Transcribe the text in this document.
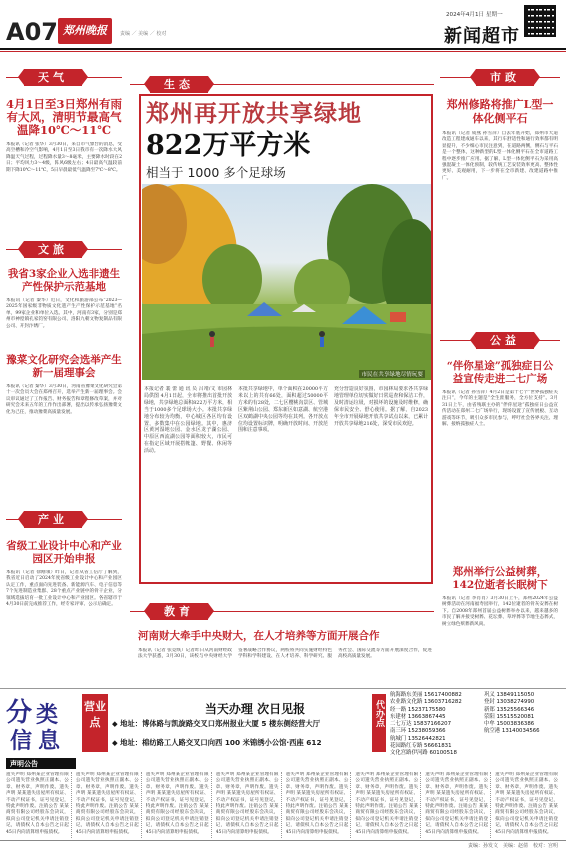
A07 郑州晚报	责编 ／ 美编 ／ 校对
2024年4月1日 星期一
新闻超市
天气
4月1日至3日郑州有雨有大风，清明节最高气温降10℃～11℃
本报讯（记者 张华）3月30日，来自市气象台的消息，受高空槽和冷空气影响，4月1日至3日我市有一次降水大风降温天气过程，过程降水量3～8毫米，主要降水时段在2日；平均风力3～4级，阵风6级左右；4日最高气温较前期下降10℃～11℃，5日早晨最低气温降至7℃～8℃。
文旅
我省3家企业入选非遗生产性保护示范基地
本报讯（记者 秦华）近日，文化和旅游部公布“2023—2025年国家级非物质文化遗产生产性保护示范基地”名单，99家企业和单位入选。其中，河南有3家，分别是郑州市神垕镇孔家钧窑有限公司、洛阳九朝文物复制品有限公司、开封汴绣厂。
豫菜文化研究会选举产生新一届理事会
本报讯（记者 秦华）3月30日，河南省豫菜文化研究会第十一次会员大会在郑州召开，选举产生新一届理事会。会议审议通过了工作报告、财务报告和章程修改草案，并对研究会未来五年的工作作出部署，提出以传承弘扬豫菜文化为己任，推动豫菜高质量发展。
产业
省级工业设计中心和产业园区开始申报
本报讯（记者 徐刚领）昨日，记者从省工信厅了解到，我省近日启动了2024年度省级工业设计中心和产业园区认定工作，重点面向先进装备、新能源汽车、电子信息等7个先进制造业集群、28个重点产业链中的骨干企业，分领域选拔培育一批工业设计中心和产业园区。各省辖市于4月30日前完成推荐工作，经专家评审、公示后确定。
生态
郑州再开放共享绿地
822万平方米
相当于 1000 多个足球场
市民在共享绿地尽情玩耍
本报记者 裴 蕾 通 讯 员 吕靖/文 市园林局供图 4月1日起，全市将推出首批开放绿地，共享绿地总面积822万平方米，相当于1000多个足球场大小。本批共享绿地分布较为均衡，中心城区各区均有设置，多数集中在公园绿地。其中，惠济区黄河湿地公园、金水区龙子湖公园、中原区西流湖公园等面积较大，市民可在指定区域开展搭帐篷、野餐、休闲等活动。
本批共享绿地中，单个面积在20000平方米以上的共有66处，面积超过50000平方米的有28处，二七区樱桃沟景区、管城区紫荆山公园、郑东新区如意湖、航空港区双鹤湖中央公园等均在其列。各开放点位均设置标识牌，明确开放时间、开放范围和注意事项。
充分营造良好氛围，市园林局要求各共享绿地管理单位切实做好日常巡查和保洁工作，及时清运垃圾，对损坏的设施及时维修，确保市民安全、舒心使用。据了解，自2023年全市开展绿地开放共享试点以来，已累计开放共享绿地216处，深受市民欢迎。
教育
河南财大牵手中央财大，在人才培养等方面开展合作
本报讯（记者 张竞昳）记者昨日从河南财经政法大学获悉，3月30日，该校与中央财经大学签署战略合作协议，两校将共同实施财经特色学科和学科建设、在人才培养、科学研究、服务社会、国际交流等方面开展深度合作，促进高校高质量发展。
市政
郑州修路将推广L型一体化侧平石
本报讯（记者 成燕 孙雪萍）自去年底开始，郑州市大道改造工程建成通车以来，其行车舒适性和通行效率都有明显提升，不少细心市民注意到，在道路两侧，侧石与平石是一个整体，这种新型的L型一体化侧平石在全市道路工程中逐步推广应用。据了解，L型一体化侧平石为采用高强混凝土一体化预制，较传统工艺安装效率更高、整体性更好、美观耐用，下一步将在全市新建、改建道路中推广。
公益
“伴你星途”孤独症日公益宣传走进二七广场
本报讯（记者 孙雪萍）4月2日是第十七个“世界孤独症关注日”，今年的主题是“全生涯服务，全方位支持”。3月31日上午，由省残联主办的“伴你星途”孤独症日公益宣传活动在郑州二七广场举行，现场设置了宣传展板、互动游戏等环节，吸引众多市民参与，呼吁社会各界关注、理解、接纳孤独症人士。
郑州举行公益树葬，142位逝者长眠树下
本报讯（记者 李肖肖）3月30日上午，郑州2024年公益树葬活动在河南福寿园举行，142位逝者的骨灰安葬在树下。自2008年郑州首届公益树葬举办以来，越来越多的市民了解并接受树葬、花坛葬、草坪葬等节地生态葬式，树立绿色殡葬新风尚。
分 类
信 息
营业
点
当天办理 次日见报
◆ 地址：博体路与凯旋路交叉口郑州报业大厦 5 楼东侧经营大厅
◆ 地址：棉纺路工人路交叉口向西 100 米锦绣小公馆·西座 612
代办点
航海路东美丽 15617400882
农业路文化路 13603716282
经一路 15237175580
东建材 13663867445
二七万达 15837166207
南三环 15238059366
航城门 13526442821
花园路红专路 56661831
文化宫路伊河路 60100518
巩义 13849115050
登封 13038274990
新郑 13525566346
荥阳 15515520081
中牟 15003836386
航空港 13140034566
声明公告
遗失声明 郑州某企业管理有限公司遗失营业执照正副本、公章、财务章，声明作废。遗失声明 某某遗失房屋所有权证、不动产权证书，证号见登记，特此声明作废。注销公告 某某商贸有限公司经股东会决议，拟向公司登记机关申请注销登记，请债权人自本公告之日起45日内向清算组申报债权。
遗失声明 郑州某企业管理有限公司遗失营业执照正副本、公章、财务章，声明作废。遗失声明 某某遗失房屋所有权证、不动产权证书，证号见登记，特此声明作废。注销公告 某某商贸有限公司经股东会决议，拟向公司登记机关申请注销登记，请债权人自本公告之日起45日内向清算组申报债权。
遗失声明 郑州某企业管理有限公司遗失营业执照正副本、公章、财务章，声明作废。遗失声明 某某遗失房屋所有权证、不动产权证书，证号见登记，特此声明作废。注销公告 某某商贸有限公司经股东会决议，拟向公司登记机关申请注销登记，请债权人自本公告之日起45日内向清算组申报债权。
遗失声明 郑州某企业管理有限公司遗失营业执照正副本、公章、财务章，声明作废。遗失声明 某某遗失房屋所有权证、不动产权证书，证号见登记，特此声明作废。注销公告 某某商贸有限公司经股东会决议，拟向公司登记机关申请注销登记，请债权人自本公告之日起45日内向清算组申报债权。
遗失声明 郑州某企业管理有限公司遗失营业执照正副本、公章、财务章，声明作废。遗失声明 某某遗失房屋所有权证、不动产权证书，证号见登记，特此声明作废。注销公告 某某商贸有限公司经股东会决议，拟向公司登记机关申请注销登记，请债权人自本公告之日起45日内向清算组申报债权。
遗失声明 郑州某企业管理有限公司遗失营业执照正副本、公章、财务章，声明作废。遗失声明 某某遗失房屋所有权证、不动产权证书，证号见登记，特此声明作废。注销公告 某某商贸有限公司经股东会决议，拟向公司登记机关申请注销登记，请债权人自本公告之日起45日内向清算组申报债权。
遗失声明 郑州某企业管理有限公司遗失营业执照正副本、公章、财务章，声明作废。遗失声明 某某遗失房屋所有权证、不动产权证书，证号见登记，特此声明作废。注销公告 某某商贸有限公司经股东会决议，拟向公司登记机关申请注销登记，请债权人自本公告之日起45日内向清算组申报债权。
遗失声明 郑州某企业管理有限公司遗失营业执照正副本、公章、财务章，声明作废。遗失声明 某某遗失房屋所有权证、不动产权证书，证号见登记，特此声明作废。注销公告 某某商贸有限公司经股东会决议，拟向公司登记机关申请注销登记，请债权人自本公告之日起45日内向清算组申报债权。
责编：孙发文　美编：赵倩　校对：宫明
